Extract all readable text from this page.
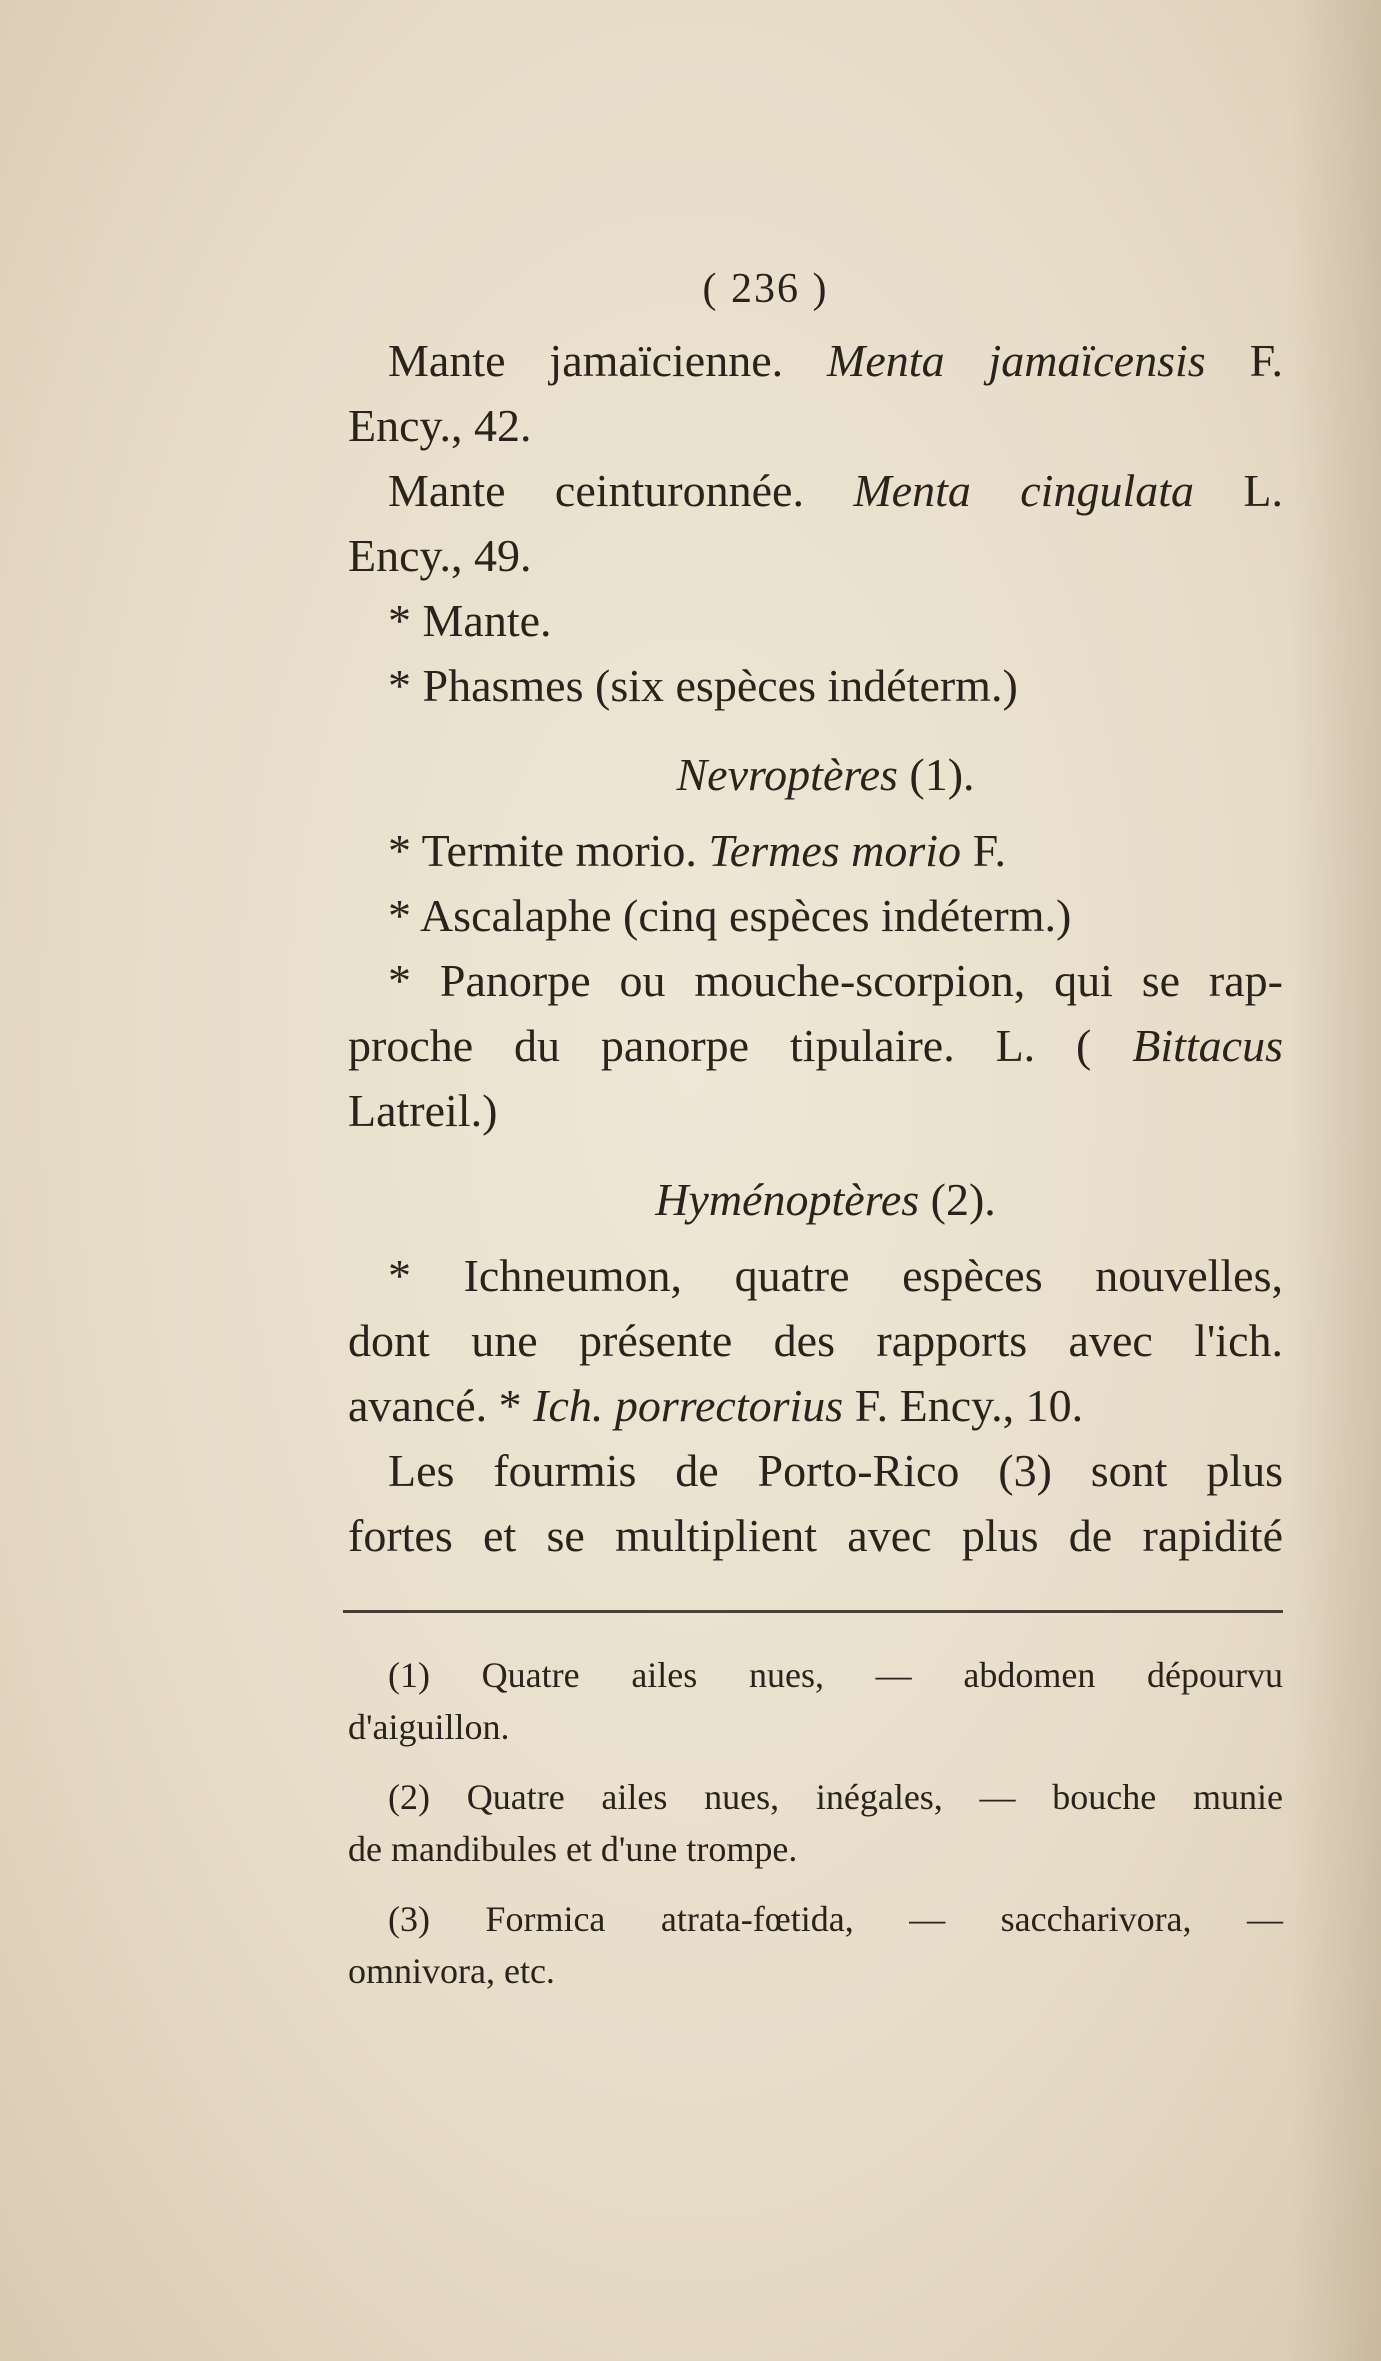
( 236 )
Mante jamaïcienne. Menta jamaïcensis F.
Ency., 42.
Mante ceinturonnée. Menta cingulata L.
Ency., 49.
* Mante.
* Phasmes (six espèces indéterm.)
Nevroptères (1).
* Termite morio. Termes morio F.
* Ascalaphe (cinq espèces indéterm.)
* Panorpe ou mouche-scorpion, qui se rap-
proche du panorpe tipulaire. L. ( Bittacus
Latreil.)
Hyménoptères (2).
* Ichneumon, quatre espèces nouvelles,
dont une présente des rapports avec l'ich.
avancé. * Ich. porrectorius F. Ency., 10.
Les fourmis de Porto-Rico (3) sont plus
fortes et se multiplient avec plus de rapidité
(1) Quatre ailes nues, — abdomen dépourvu
d'aiguillon.
(2) Quatre ailes nues, inégales, — bouche munie
de mandibules et d'une trompe.
(3) Formica atrata-fœtida, — saccharivora, —
omnivora, etc.
